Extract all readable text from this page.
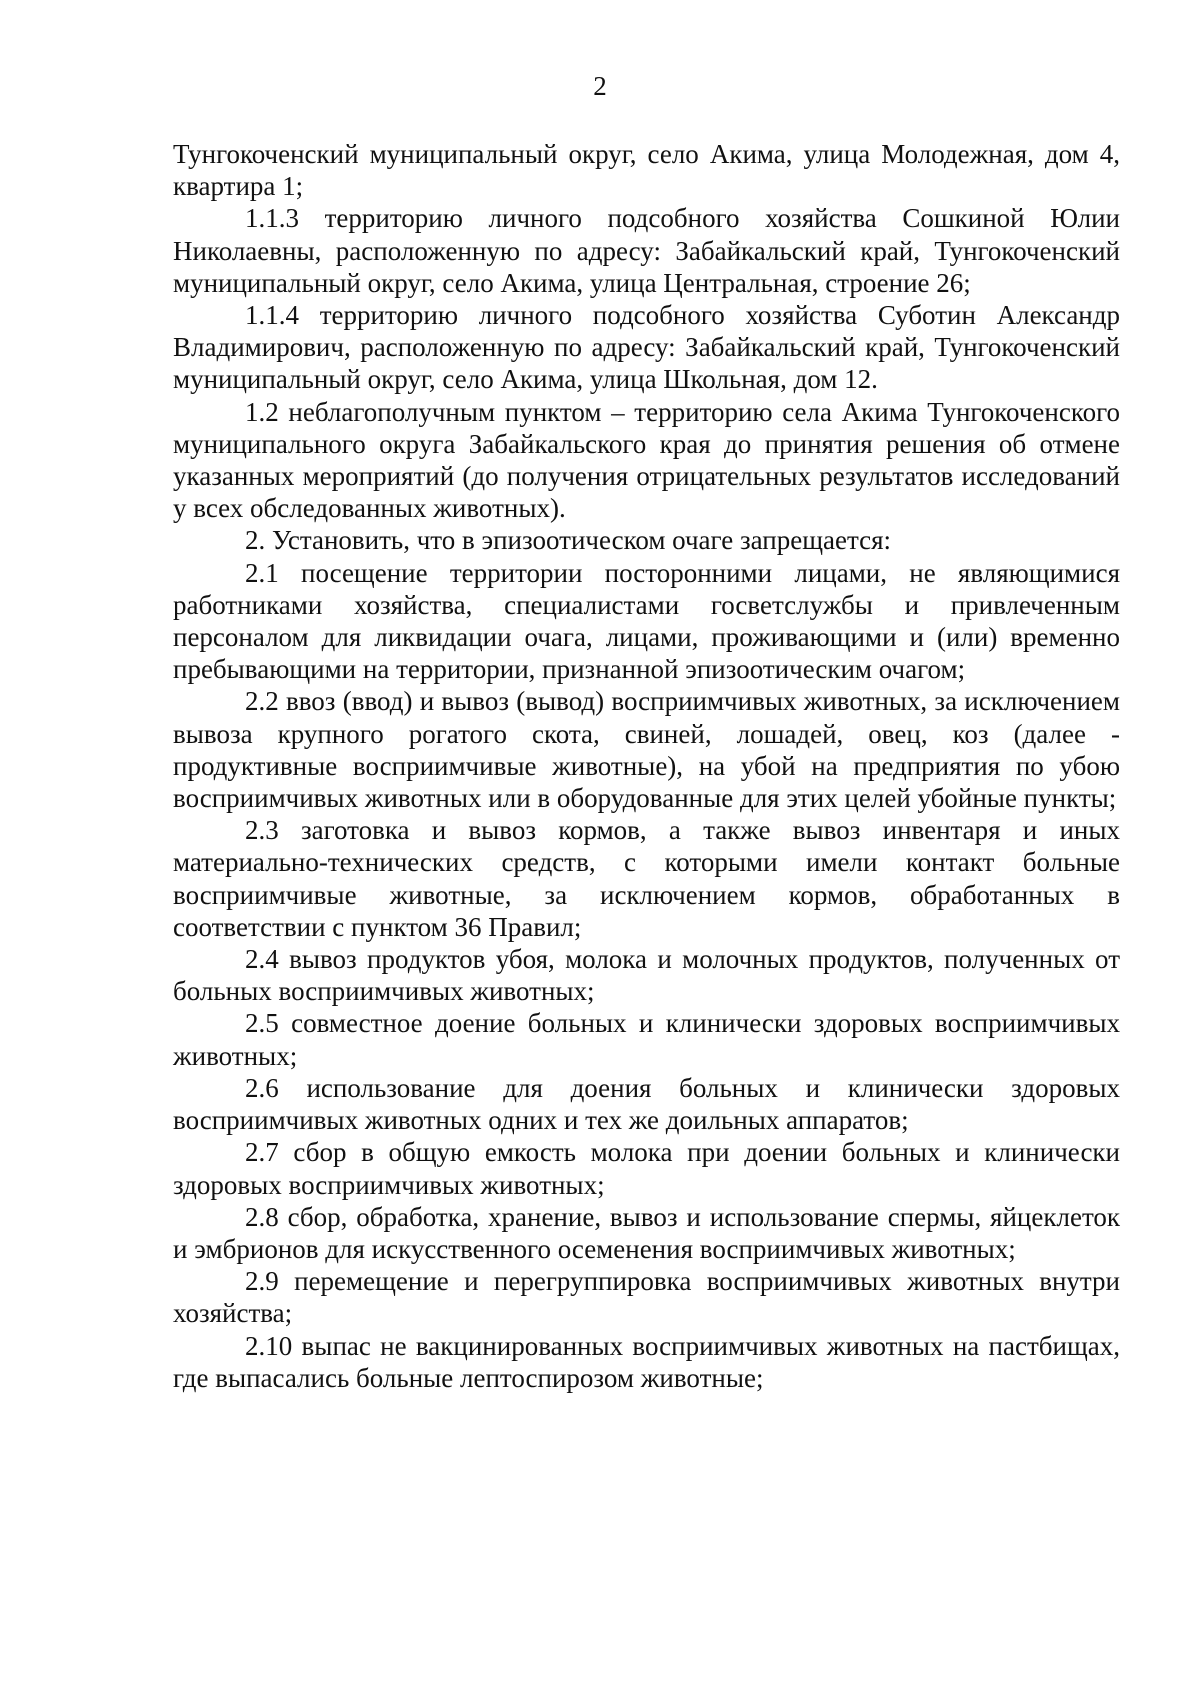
2

Тунгокоченский муниципальный округ, село Акима, улица Молодежная, дом 4, квартира 1;

1.1.3 территорию личного подсобного хозяйства Сошкиной Юлии Николаевны, расположенную по адресу: Забайкальский край, Тунгокоченский муниципальный округ, село Акима, улица Центральная, строение 26;

1.1.4 территорию личного подсобного хозяйства Суботин Александр Владимирович, расположенную по адресу: Забайкальский край, Тунгокоченский муниципальный округ, село Акима, улица Школьная, дом 12.

1.2 неблагополучным пунктом – территорию села Акима Тунгокоченского муниципального округа Забайкальского края до принятия решения об отмене указанных мероприятий (до получения отрицательных результатов исследований у всех обследованных животных).

2. Установить, что в эпизоотическом очаге запрещается:

2.1 посещение территории посторонними лицами, не являющимися работниками хозяйства, специалистами госветслужбы и привлеченным персоналом для ликвидации очага, лицами, проживающими и (или) временно пребывающими на территории, признанной эпизоотическим очагом;

2.2 ввоз (ввод) и вывоз (вывод) восприимчивых животных, за исключением вывоза крупного рогатого скота, свиней, лошадей, овец, коз (далее - продуктивные восприимчивые животные), на убой на предприятия по убою восприимчивых животных или в оборудованные для этих целей убойные пункты;

2.3 заготовка и вывоз кормов, а также вывоз инвентаря и иных материально-технических средств, с которыми имели контакт больные восприимчивые животные, за исключением кормов, обработанных в соответствии с пунктом 36 Правил;

2.4 вывоз продуктов убоя, молока и молочных продуктов, полученных от больных восприимчивых животных;

2.5 совместное доение больных и клинически здоровых восприимчивых животных;

2.6 использование для доения больных и клинически здоровых восприимчивых животных одних и тех же доильных аппаратов;

2.7 сбор в общую емкость молока при доении больных и клинически здоровых восприимчивых животных;

2.8 сбор, обработка, хранение, вывоз и использование спермы, яйцеклеток и эмбрионов для искусственного осеменения восприимчивых животных;

2.9 перемещение и перегруппировка восприимчивых животных внутри хозяйства;

2.10 выпас не вакцинированных восприимчивых животных на пастбищах, где выпасались больные лептоспирозом животные;
